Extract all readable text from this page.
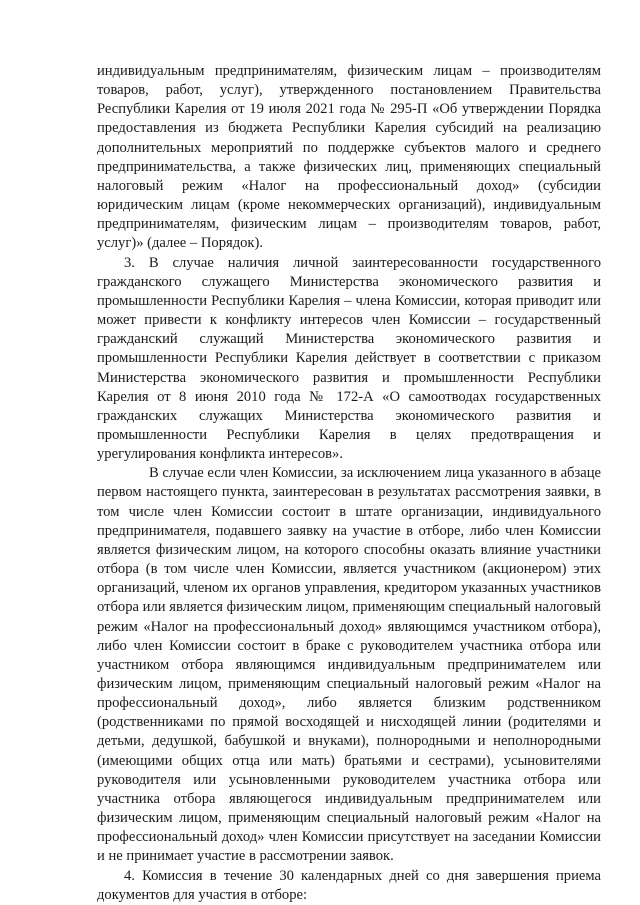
индивидуальным предпринимателям, физическим лицам – производителям товаров, работ, услуг), утвержденного постановлением Правительства Республики Карелия от 19 июля 2021 года № 295-П «Об утверждении Порядка предоставления из бюджета Республики Карелия субсидий на реализацию дополнительных мероприятий по поддержке субъектов малого и среднего предпринимательства, а также физических лиц, применяющих специальный налоговый режим «Налог на профессиональный доход» (субсидии юридическим лицам (кроме некоммерческих организаций), индивидуальным предпринимателям, физическим лицам – производителям товаров, работ, услуг)» (далее – Порядок).

3. В случае наличия личной заинтересованности государственного гражданского служащего Министерства экономического развития и промышленности Республики Карелия – члена Комиссии, которая приводит или может привести к конфликту интересов член Комиссии – государственный гражданский служащий Министерства экономического развития и промышленности Республики Карелия действует в соответствии с приказом Министерства экономического развития и промышленности Республики Карелия от 8 июня 2010 года № 172-А «О самоотводах государственных гражданских служащих Министерства экономического развития и промышленности Республики Карелия в целях предотвращения и урегулирования конфликта интересов».

В случае если член Комиссии, за исключением лица указанного в абзаце первом настоящего пункта, заинтересован в результатах рассмотрения заявки, в том числе член Комиссии состоит в штате организации, индивидуального предпринимателя, подавшего заявку на участие в отборе, либо член Комиссии является физическим лицом, на которого способны оказать влияние участники отбора (в том числе член Комиссии, является участником (акционером) этих организаций, членом их органов управления, кредитором указанных участников отбора или является физическим лицом, применяющим специальный налоговый режим «Налог на профессиональный доход» являющимся участником отбора), либо член Комиссии состоит в браке с руководителем участника отбора или участником отбора являющимся индивидуальным предпринимателем или физическим лицом, применяющим специальный налоговый режим «Налог на профессиональный доход», либо является близким родственником (родственниками по прямой восходящей и нисходящей линии (родителями и детьми, дедушкой, бабушкой и внуками), полнородными и неполнородными (имеющими общих отца или мать) братьями и сестрами), усыновителями руководителя или усыновленными руководителем участника отбора или участника отбора являющегося индивидуальным предпринимателем или физическим лицом, применяющим специальный налоговый режим «Налог на профессиональный доход» член Комиссии присутствует на заседании Комиссии и не принимает участие в рассмотрении заявок.

4. Комиссия в течение 30 календарных дней со дня завершения приема документов для участия в отборе:
